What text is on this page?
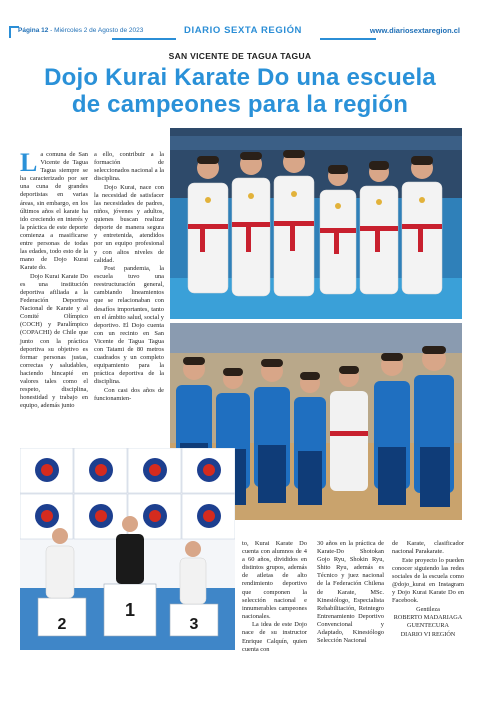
Página 12 - Miércoles 2 de Agosto de 2023	DIARIO SEXTA REGIÓN	www.diariosextaregion.cl
SAN VICENTE DE TAGUA TAGUA
Dojo Kurai Karate Do una escuela
de campeones para la región

La comuna de San Vicente de Tagua Tagua siempre se ha caracterizado por ser una cuna de grandes deportistas en varias áreas, sin embargo, en los últimos años el karate ha ido creciendo en interés y la práctica de este deporte comienza a masificarse entre personas de todas las edades, todo esto de la mano de Dojo Kurai Karate do.

Dojo Kurai Karate Do es una institución deportiva afiliada a la Federación Deportiva Nacional de Karate y al Comité Olímpico (COCH) y Paralímpico (COPACHI) de Chile que junto con la práctica deportiva su objetivo es formar personas justas, correctas y saludables, haciendo hincapié en valores tales como el respeto, disciplina, honestidad y trabajo en equipo, además junto

a ello, contribuir a la formación de seleccionados nacional a la disciplina.

Dojo Kurai, nace con la necesidad de satisfacer las necesidades de padres, niños, jóvenes y adultos, quienes buscan realizar deporte de manera segura y entretenida, atendidos por un equipo profesional y con altos niveles de calidad.

Post pandemia, la escuela tuvo una reestructuración general, cambiando lineamientos que se relacionaban con desafíos importantes, tanto en el ámbito salud, social y deportivo. El Dojo cuenta con un recinto en San Vicente de Tagua Tagua con Tatami de 80 metros cuadrados y un completo equipamiento para la práctica deportiva de la disciplina.

Con casi dos años de funcionamien-

2
1
3

to, Kurai Karate Do cuenta con alumnos de 4 a 60 años, divididos en distintos grupos, además de atletas de alto rendimiento deportivo que componen la selección nacional e innumerables campeones nacionales.

La idea de este Dojo nace de su instructor Enrique Calquín, quien cuenta con

30 años en la práctica de Karate-Do Shotokan Gojo Ryu, Shokin Ryu, Shito Ryu, además es Técnico y juez nacional de la Federación Chilena de Karate, MSc. Kinesiólogo, Especialista Rehabilitación, Reintegro Entrenamiento Deportivo Convencional y Adaptado, Kinesiólogo Selección Nacional

de Karate, clasificador nacional Parakarate.

Este proyecto lo pueden conocer siguiendo las redes sociales de la escuela como @dojo_kurai en Instagram y Dojo Kurai Karate Do en Facebook.

Gentileza

ROBERTO MADARIAGA

GUENTECURA

DIARIO VI REGIÓN
